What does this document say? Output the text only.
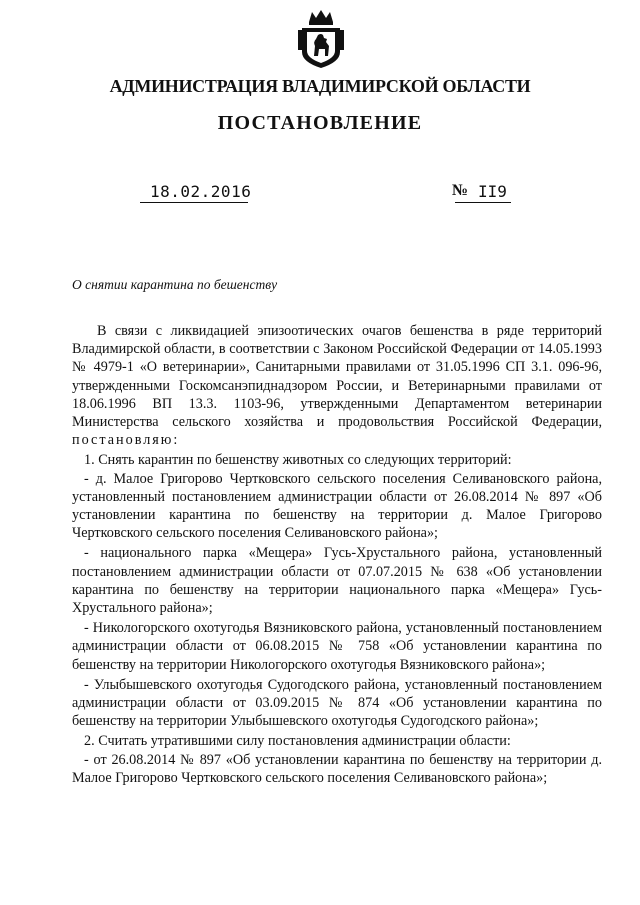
АДМИНИСТРАЦИЯ ВЛАДИМИРСКОЙ ОБЛАСТИ
ПОСТАНОВЛЕНИЕ
18.02.2016	№ II9
О снятии карантина по бешенству

В связи с ликвидацией эпизоотических очагов бешенства в ряде территорий Владимирской области, в соответствии с Законом Российской Федерации от 14.05.1993 № 4979-1 «О ветеринарии», Санитарными правилами от 31.05.1996 СП 3.1. 096-96, утвержденными Госкомсанэпиднадзором России, и Ветеринарными правилами от 18.06.1996 ВП 13.3. 1103-96, утвержденными Департаментом ветеринарии Министерства сельского хозяйства и продовольствия Российской Федерации, постановляю:

1. Снять карантин по бешенству животных со следующих территорий:

- д. Малое Григорово Чертковского сельского поселения Селивановского района, установленный постановлением администрации области от 26.08.2014 № 897 «Об установлении карантина по бешенству на территории д. Малое Григорово Чертковского сельского поселения Селивановского района»;

- национального парка «Мещера» Гусь-Хрустального района, установленный постановлением администрации области от 07.07.2015 № 638 «Об установлении карантина по бешенству на территории национального парка «Мещера» Гусь-Хрустального района»;

- Никологорского охотугодья Вязниковского района, установленный постановлением администрации области от 06.08.2015 № 758 «Об установлении карантина по бешенству на территории Никологорского охотугодья Вязниковского района»;

- Улыбышевского охотугодья Судогодского района, установленный постановлением администрации области от 03.09.2015 № 874 «Об установлении карантина по бешенству на территории Улыбышевского охотугодья Судогодского района»;

2. Считать утратившими силу постановления администрации области:

- от 26.08.2014 № 897 «Об установлении карантина по бешенству на территории д. Малое Григорово Чертковского сельского поселения Селивановского района»;
